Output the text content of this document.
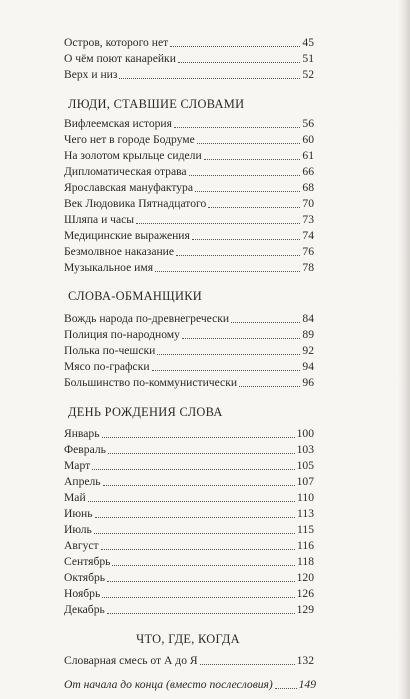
Остров, которого нет	45
О чём поют канарейки	51
Верх и низ	52
ЛЮДИ, СТАВШИЕ СЛОВАМИ
Вифлеемская история	56
Чего нет в городе Бодруме	60
На золотом крыльце сидели	61
Дипломатическая отрава	66
Ярославская мануфактура	68
Век Людовика Пятнадцатого	70
Шляпа и часы	73
Медицинские выражения	74
Безмолвное наказание	76
Музыкальное имя	78
СЛОВА-ОБМАНЩИКИ
Вождь народа по-древнегречески	84
Полиция по-народному	89
Полька по-чешски	92
Мясо по-графски	94
Большинство по-коммунистически	96
ДЕНЬ РОЖДЕНИЯ СЛОВА
Январь	100
Февраль	103
Март	105
Апрель	107
Май	110
Июнь	113
Июль	115
Август	116
Сентябрь	118
Октябрь	120
Ноябрь	126
Декабрь	129
ЧТО, ГДЕ, КОГДА
Словарная смесь от А до Я	132
От начала до конца (вместо послесловия) 149
